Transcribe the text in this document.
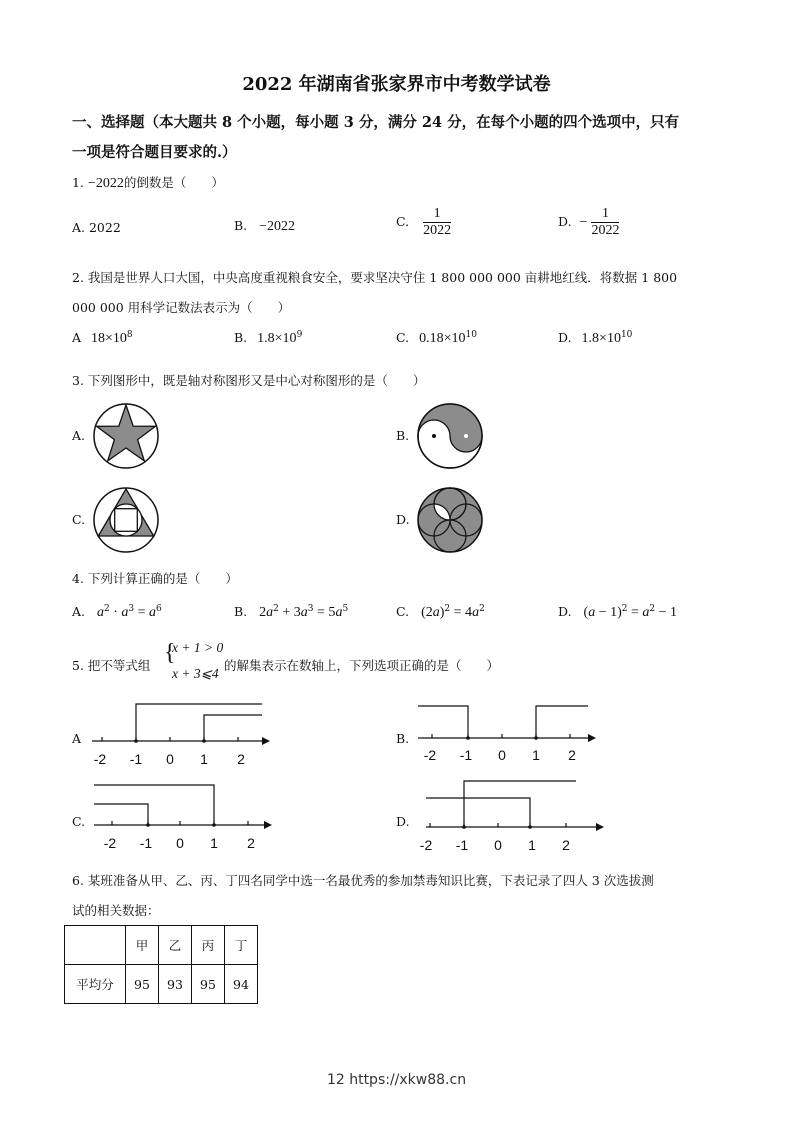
2022 年湖南省张家界市中考数学试卷
一、选择题（本大题共 8 个小题，每小题 3 分，满分 24 分，在每个小题的四个选项中，只有
一项是符合题目要求的.）
1. −2022的倒数是（　　）
A. 2022	B. −2022	C. $\frac{1}{2022}$	D. − $\frac{1}{2022}$
2. 我国是世界人口大国，中央高度重视粮食安全，要求坚决守住 1 800 000 000 亩耕地红线．将数据 1 800
000 000 用科学记数法表示为（　　）
A $18\times 10^8$	B. $1.8\times 10^9$	C. $0.18\times 10^{10}$	D. $1.8\times 10^{10}$
3. 下列图形中，既是轴对称图形又是中心对称图形的是（　　）
A.	B.
C.	D.
4. 下列计算正确的是（　　）
A. $a^2 \cdot a^3 = a^6$	B. $2a^2 + 3a^3 = 5a^5$	C. $(2a)^2 = 4a^2$	D. $(a - 1)^2 = a^2 - 1$
5. 把不等式组 {
x + 1 > 0
x + 3⩽4
的解集表示在数轴上，下列选项正确的是（　　）
A	B.
C.	D.
-2 -1 0 1 2	-2 -1 0 1 2
-2 -1 0 1 2	-2 -1 0 1 2
6. 某班准备从甲、乙、丙、丁四名同学中选一名最优秀的参加禁毒知识比赛，下表记录了四人 3 次选拔测
试的相关数据：
	甲	乙	丙	丁
平均分	95	93	95	94
12 https://xkw88.cn
